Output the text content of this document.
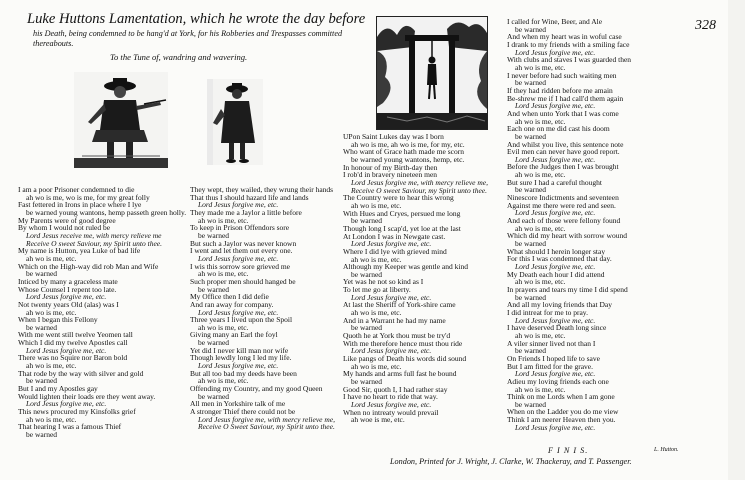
Luke Huttons Lamentation, which he wrote the day before
his Death, being condemned to be hang'd at York, for his Robberies and Trespasses committed thereabouts.
To the Tune of, wandring and wavering.
328
I am a poor Prisoner condemned to die
ah wo is me, wo is me, for my great folly
Fast fettered in Irons in place where I lye
be warned young wantons, hemp passeth green holly.
My Parents were of good degree
By whom I would not ruled be
Lord Jesus receive me, with mercy relieve me
Receive O sweet Saviour, my Spirit unto thee.
My name is Hutton, yea Luke of bad life
ah wo is me, etc.
Which on the High-way did rob Man and Wife
be warned
Inticed by many a graceless mate
Whose Counsel I repent too late.
Lord Jesus forgive me, etc.
Not twenty years Old (alas) was I
ah wo is me, etc.
When I began this Fellony
be warned
With me went still twelve Yeomen tall
Which I did my twelve Apostles call
Lord Jesus forgive me, etc.
There was no Squire nor Baron bold
ah wo is me, etc.
That rode by the way with silver and gold
be warned
But I and my Apostles gay
Would lighten their loads ere they went away.
Lord Jesus forgive me, etc.
This news procured my Kinsfolks grief
ah wo is me, etc.
That hearing I was a famous Thief
be warned
They wept, they wailed, they wrung their hands
That thus I should hazard life and lands
Lord Jesus forgive me, etc.
They made me a Jaylor a little before
ah wo is me, etc.
To keep in Prison Offendors sore
be warned
But such a Jaylor was never known
I went and let them out every one.
Lord Jesus forgive me, etc.
I wis this sorrow sore grieved me
ah wo is me, etc.
Such proper men should hanged be
be warned
My Office then I did defie
And ran away for company.
Lord Jesus forgive me, etc.
Three years I lived upon the Spoil
ah wo is me, etc.
Giving many an Earl the foyl
be warned
Yet did I never kill man nor wife
Though lewdly long I led my life.
Lord Jesus forgive me, etc.
But all too bad my deeds have been
ah wo is me, etc.
Offending my Country, and my good Queen
be warned
All men in Yorkshire talk of me
A stronger Thief there could not be
Lord Jesus forgive me, with mercy relieve me,
Receive O Sweet Saviour, my Spirit unto thee.
UPon Saint Lukes day was I born
ah wo is me, ah wo is me, for my, etc.
Who want of Grace hath made me scorn
be warned young wantons, hemp, etc.
In honour of my Birth-day then
I rob'd in bravery nineteen men
Lord Jesus forgive me, with mercy relieve me,
Receive O sweet Saviour, my Spirit unto thee.
The Country were to hear this wrong
ah wo is me, etc.
With Hues and Cryes, persued me long
be warned
Though long I scap'd, yet loe at the last
At London I was in Newgate cast.
Lord Jesus forgive me, etc.
Where I did lye with grieved mind
ah wo is me, etc.
Although my Keeper was gentle and kind
be warned
Yet was he not so kind as I
To let me go at liberty.
Lord Jesus forgive me, etc.
At last the Sheriff of York-shire came
ah wo is me, etc.
And in a Warrant he had my name
be warned
Quoth he at York thou must be try'd
With me therefore hence must thou ride
Lord Jesus forgive me, etc.
Like pangs of Death his words did sound
ah wo is me, etc.
My hands and arms full fast he bound
be warned
Good Sir, quoth I, I had rather stay
I have no heart to ride that way.
Lord Jesus forgive me, etc.
When no intreaty would prevail
ah woe is me, etc.
I called for Wine, Beer, and Ale
be warned
And when my heart was in woful case
I drank to my friends with a smiling face
Lord Jesus forgive me, etc.
With clubs and staves I was guarded then
ah wo is me, etc.
I never before had such waiting men
be warned
If they had ridden before me amain
Be-shrew me if I had call'd them again
Lord Jesus forgive me, etc.
And when unto York that I was come
ah wo is me, etc.
Each one on me did cast his doom
be warned
And whilst you live, this sentence note
Evil men can never have good report.
Lord Jesus forgive me, etc.
Before the Judges then I was brought
ah wo is me, etc.
But sure I had a careful thought
be warned
Ninescore Indictments and seventeen
Against me there were red and seen.
Lord Jesus forgive me, etc.
And each of those were fellony found
ah wo is me, etc.
Which did my heart with sorrow wound
be warned
What should I herein longer stay
For this I was condemned that day.
Lord Jesus forgive me, etc.
My Death each hour I did attend
ah wo is me, etc.
In prayers and tears my time I did spend
be warned
And all my loving friends that Day
I did intreat for me to pray.
Lord Jesus forgive me, etc.
I have deserved Death long since
ah wo is me, etc.
A viler sinner lived not than I
be warned
On Friends I hoped life to save
But I am fitted for the grave.
Lord Jesus forgive me, etc.
Adieu my loving friends each one
ah wo is me, etc.
Think on me Lords when I am gone
be warned
When on the Ladder you do me view
Think I am neerer Heaven then you.
Lord Jesus forgive me, etc.
F I N I S.	L. Hutton.
London, Printed for J. Wright, J. Clarke, W. Thackeray, and T. Passenger.
